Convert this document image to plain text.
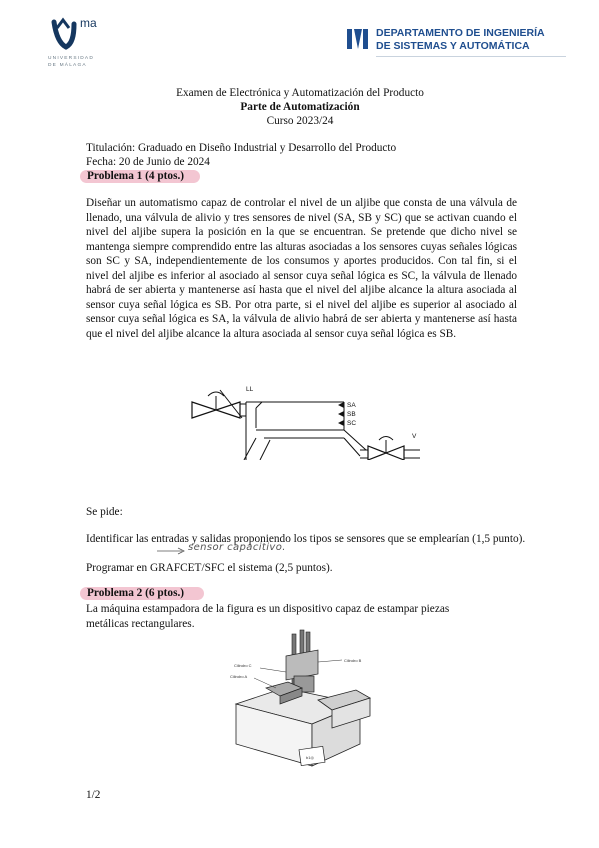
ma
UNIVERSIDAD
DE MÁLAGA
DEPARTAMENTO DE INGENIERÍA
DE SISTEMAS Y AUTOMÁTICA
Examen de Electrónica y Automatización del Producto
Parte de Automatización
Curso 2023/24
Titulación: Graduado en Diseño Industrial y Desarrollo del Producto
Fecha: 20 de Junio de 2024
Problema 1 (4 ptos.)
Diseñar un automatismo capaz de controlar el nivel de un aljibe que consta de una válvula de llenado, una válvula de alivio y tres sensores de nivel (SA, SB y SC) que se activan cuando el nivel del aljibe supera la posición en la que se encuentran. Se pretende que dicho nivel se mantenga siempre comprendido entre las alturas asociadas a los sensores cuyas señales lógicas son SC y SA, independientemente de los consumos y aportes producidos. Con tal fin, si el nivel del aljibe es inferior al asociado al sensor cuya señal lógica es SC, la válvula de llenado habrá de ser abierta y mantenerse así hasta que el nivel del aljibe alcance la altura asociada al sensor cuya señal lógica es SB. Por otra parte, si el nivel del aljibe es superior al asociado al sensor cuya señal lógica es SA, la válvula de alivio habrá de ser abierta y mantenerse así hasta que el nivel del aljibe alcance la altura asociada al sensor cuya señal lógica es SB.
LL
SA
SB
SC
V
Se pide:
Identificar las entradas y salidas proponiendo los tipos se sensores que se emplearían (1,5 punto).
sensor capacitivo.
Programar en GRAFCET/SFC el sistema (2,5 puntos).
Problema 2 (6 ptos.)
La máquina estampadora de la figura es un dispositivo capaz de estampar piezas metálicas rectangulares.
Cilindro C
Cilindro A
Cilindro B
b1◎
1/2
